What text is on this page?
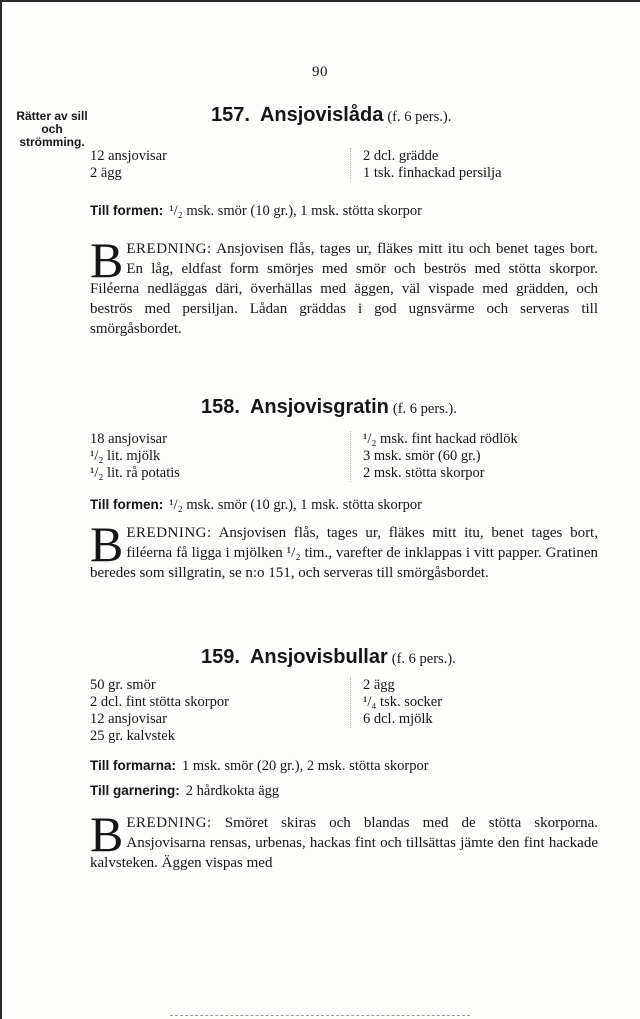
90
Rätter av sill
och
strömming.
157. Ansjovislåda (f. 6 pers.).
12 ansjovisar
2 ägg
2 dcl. grädde
1 tsk. finhackad persilja
Till formen: ¹/₂ msk. smör (10 gr.), 1 msk. stötta skorpor
BEREDNING: Ansjovisen flås, tages ur, fläkes mitt itu och benet tages bort. En låg, eldfast form smörjes med smör och beströs med stötta skorpor. Filéerna nedläggas däri, överhällas med äggen, väl vispade med grädden, och beströs med persiljan. Lådan gräddas i god ugnsvärme och serveras till smörgåsbordet.
158. Ansjovisgratin (f. 6 pers.).
18 ansjovisar
¹/₂ lit. mjölk
¹/₂ lit. rå potatis
¹/₂ msk. fint hackad rödlök
3 msk. smör (60 gr.)
2 msk. stötta skorpor
Till formen: ¹/₂ msk. smör (10 gr.), 1 msk. stötta skorpor
BEREDNING: Ansjovisen flås, tages ur, fläkes mitt itu, benet tages bort, filéerna få ligga i mjölken ¹/₂ tim., varefter de inklappas i vitt papper. Gratinen beredes som sillgratin, se n:o 151, och serveras till smörgåsbordet.
159. Ansjovisbullar (f. 6 pers.).
50 gr. smör
2 dcl. fint stötta skorpor
12 ansjovisar
25 gr. kalvstek
2 ägg
¹/₄ tsk. socker
6 dcl. mjölk
Till formarna: 1 msk. smör (20 gr.), 2 msk. stötta skorpor
Till garnering: 2 hårdkokta ägg
BEREDNING: Smöret skiras och blandas med de stötta skorporna. Ansjovisarna rensas, urbenas, hackas fint och tillsättas jämte den fint hackade kalvsteken. Äggen vispas med
